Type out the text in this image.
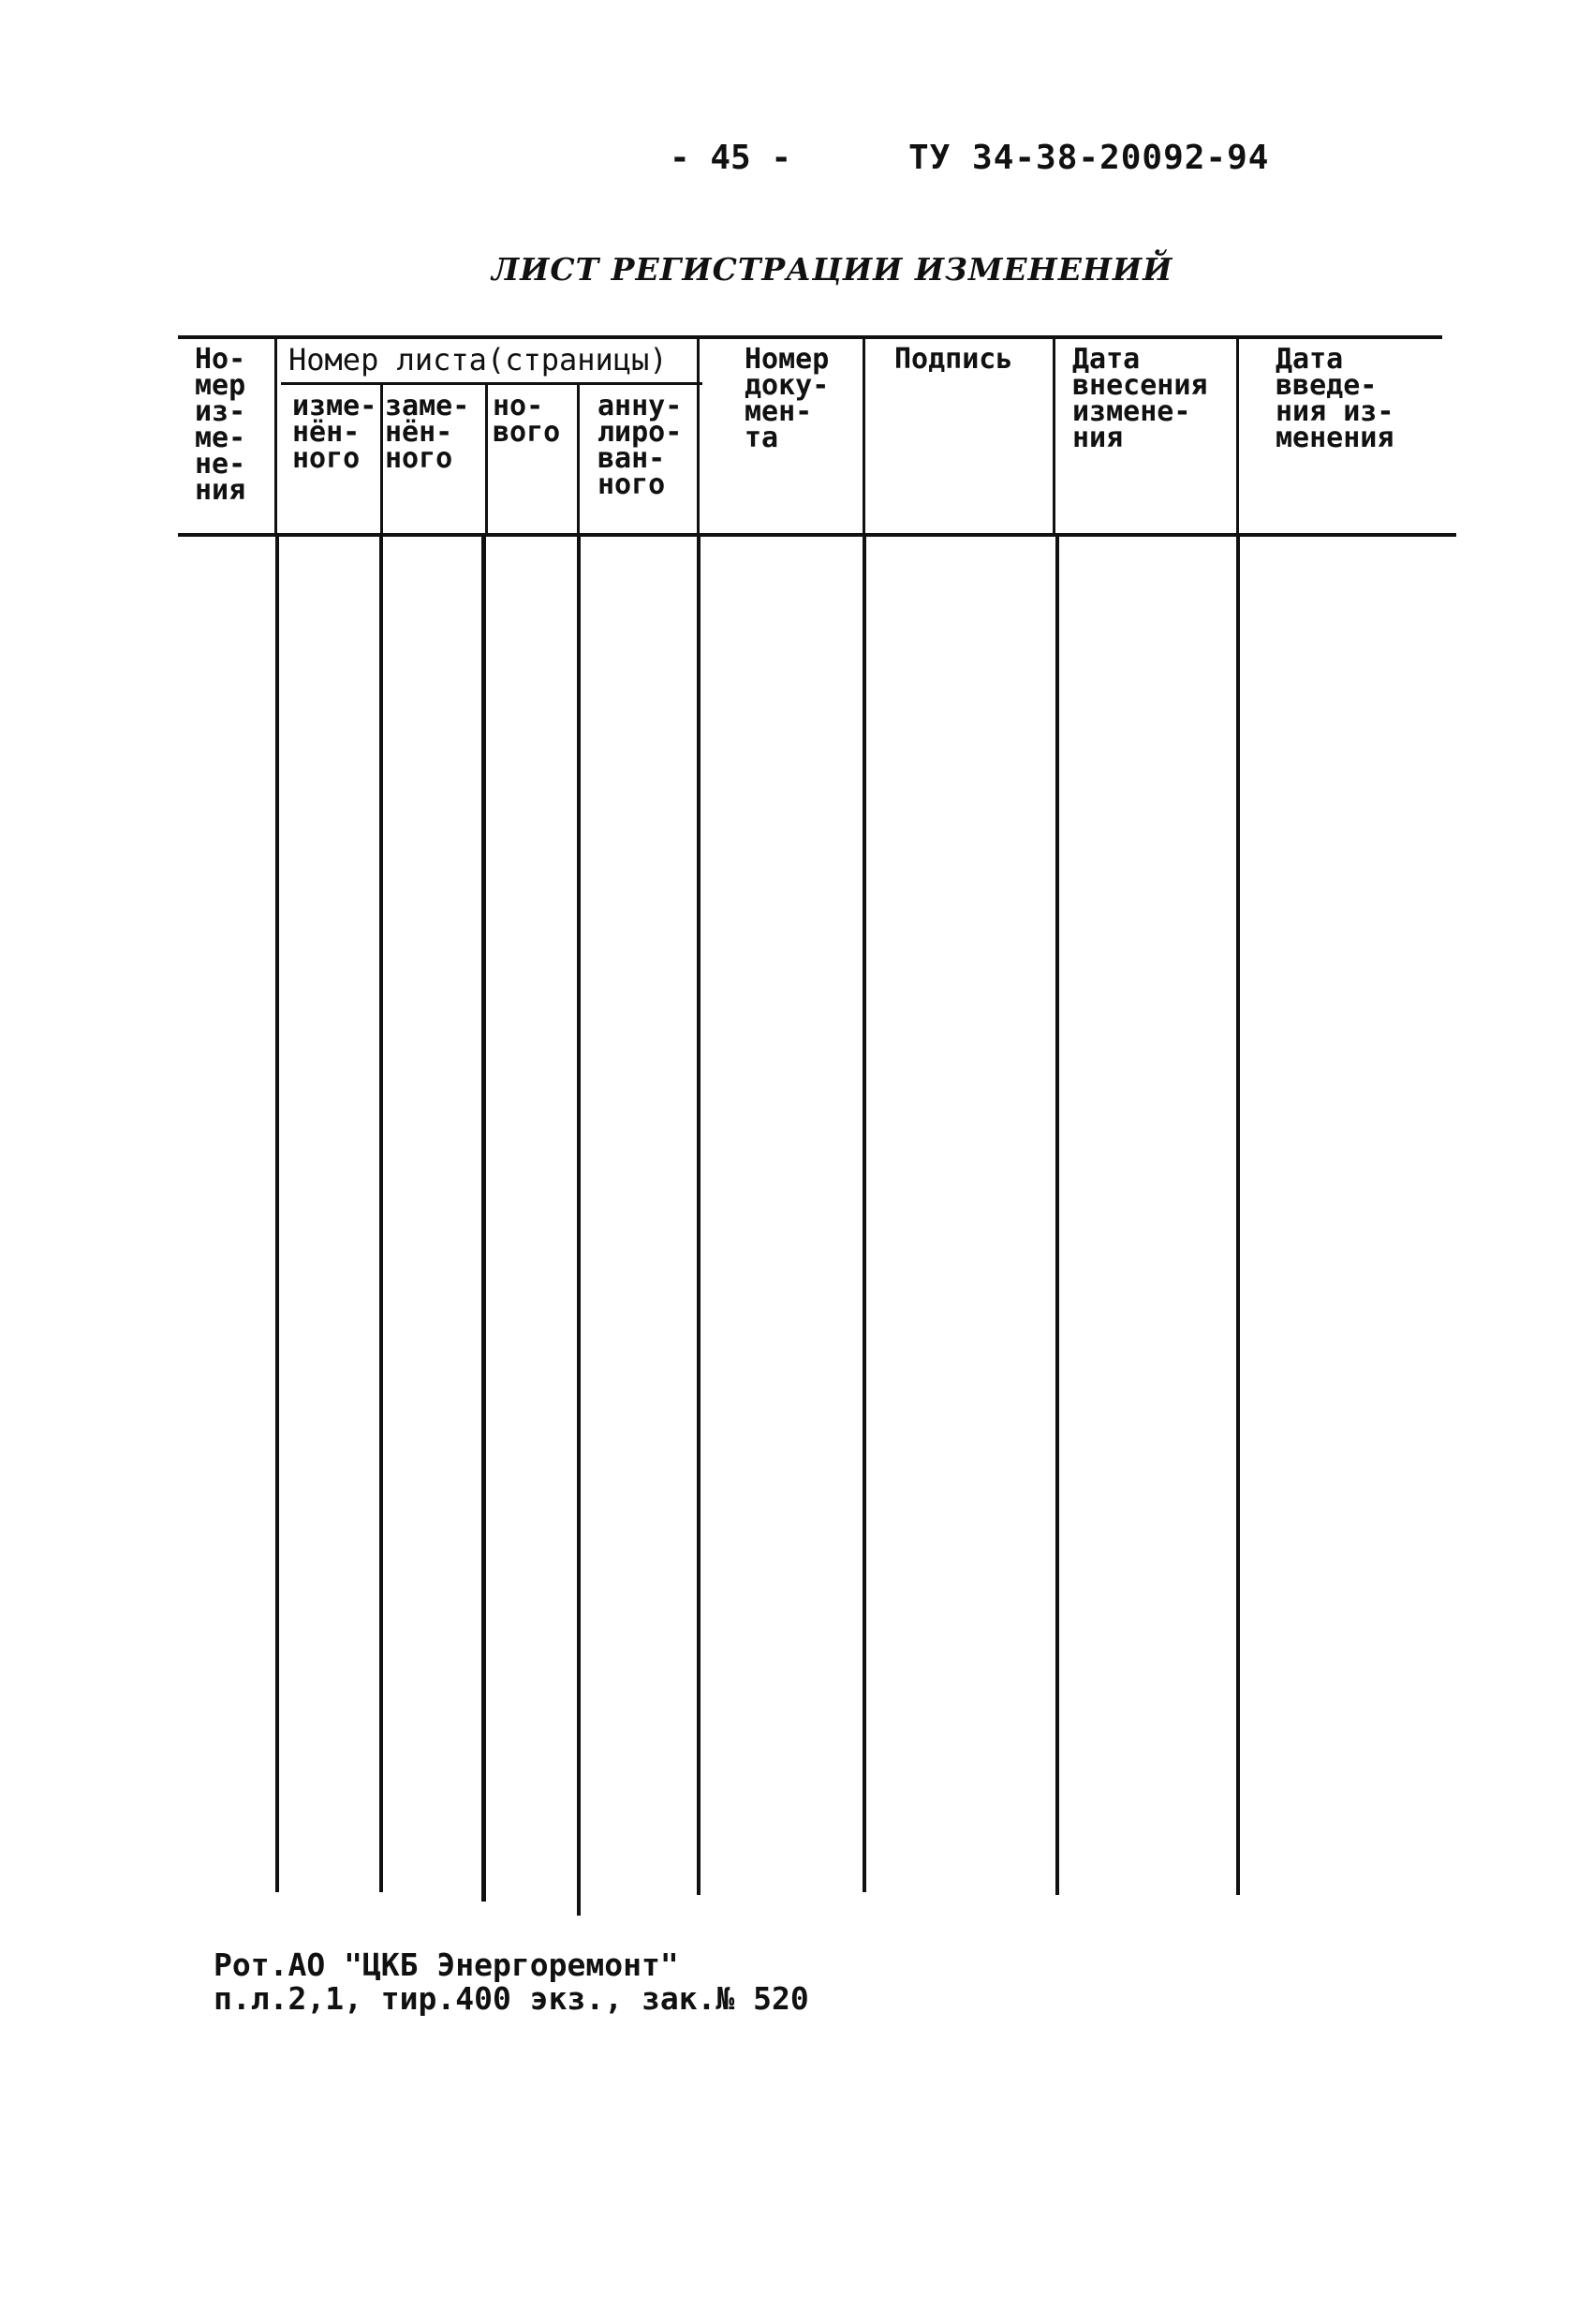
- 45 -	ТУ 34-38-20092-94
ЛИСТ РЕГИСТРАЦИИ ИЗМЕНЕНИЙ
Но-
мер
из-
ме-
не-
ния
Номер листа(страницы)
изме-
нён-
ного
заме-
нён-
ного
но-
вого
анну-
лиро-
ван-
ного
Номер
доку-
мен-
та
Подпись Дата
внесения
измене-
ния
Дата
введе-
ния из-
менения
Рот.АО "ЦКБ Энергоремонт"
п.л.2,1, тир.400 экз., зак.№ 520
